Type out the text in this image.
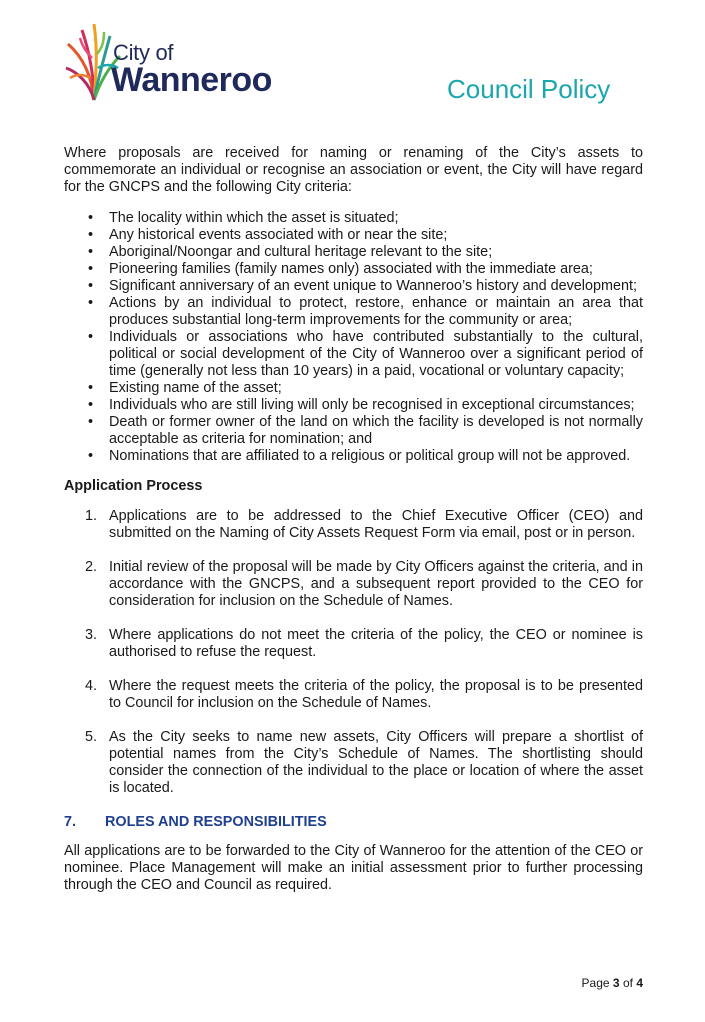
City of
Wanneroo	Council Policy

Where proposals are received for naming or renaming of the City’s assets to commemorate an individual or recognise an association or event, the City will have regard for the GNCPS and the following City criteria:

• The locality within which the asset is situated;
• Any historical events associated with or near the site;
• Aboriginal/Noongar and cultural heritage relevant to the site;
• Pioneering families (family names only) associated with the immediate area;
• Significant anniversary of an event unique to Wanneroo’s history and development;
• Actions by an individual to protect, restore, enhance or maintain an area that produces substantial long-term improvements for the community or area;
• Individuals or associations who have contributed substantially to the cultural, political or social development of the City of Wanneroo over a significant period of time (generally not less than 10 years) in a paid, vocational or voluntary capacity;
• Existing name of the asset;
• Individuals who are still living will only be recognised in exceptional circumstances;
• Death or former owner of the land on which the facility is developed is not normally acceptable as criteria for nomination; and
• Nominations that are affiliated to a religious or political group will not be approved.
Application Process
1. Applications are to be addressed to the Chief Executive Officer (CEO) and submitted on the Naming of City Assets Request Form via email, post or in person.
2. Initial review of the proposal will be made by City Officers against the criteria, and in accordance with the GNCPS, and a subsequent report provided to the CEO for consideration for inclusion on the Schedule of Names.
3. Where applications do not meet the criteria of the policy, the CEO or nominee is authorised to refuse the request.
4. Where the request meets the criteria of the policy, the proposal is to be presented to Council for inclusion on the Schedule of Names.
5. As the City seeks to name new assets, City Officers will prepare a shortlist of potential names from the City’s Schedule of Names. The shortlisting should consider the connection of the individual to the place or location of where the asset is located.
7. ROLES AND RESPONSIBILITIES

All applications are to be forwarded to the City of Wanneroo for the attention of the CEO or nominee. Place Management will make an initial assessment prior to further processing through the CEO and Council as required.

Page 3 of 4
